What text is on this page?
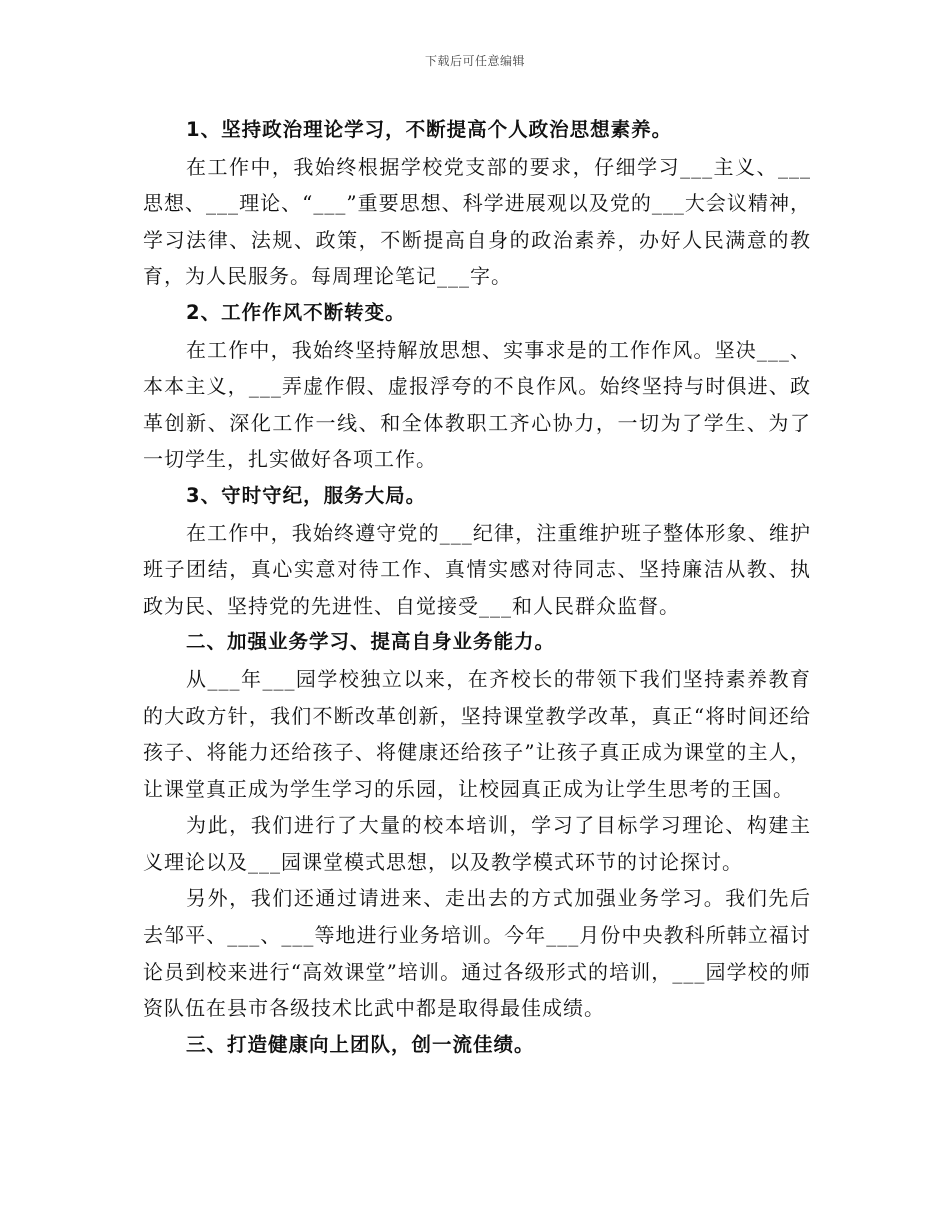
下载后可任意编辑

1、坚持政治理论学习，不断提高个人政治思想素养。

在工作中，我始终根据学校党支部的要求，仔细学习___主义、___思想、___理论、“___”重要思想、科学进展观以及党的___大会议精神，学习法律、法规、政策，不断提高自身的政治素养，办好人民满意的教育，为人民服务。每周理论笔记___字。

2、工作作风不断转变。

在工作中，我始终坚持解放思想、实事求是的工作作风。坚决___、本本主义，___弄虚作假、虚报浮夸的不良作风。始终坚持与时俱进、政革创新、深化工作一线、和全体教职工齐心协力，一切为了学生、为了一切学生，扎实做好各项工作。

3、守时守纪，服务大局。

在工作中，我始终遵守党的___纪律，注重维护班子整体形象、维护班子团结，真心实意对待工作、真情实感对待同志、坚持廉洁从教、执政为民、坚持党的先进性、自觉接受___和人民群众监督。

二、加强业务学习、提高自身业务能力。

从___年___园学校独立以来，在齐校长的带领下我们坚持素养教育的大政方针，我们不断改革创新，坚持课堂教学改革，真正“将时间还给孩子、将能力还给孩子、将健康还给孩子”让孩子真正成为课堂的主人，让课堂真正成为学生学习的乐园，让校园真正成为让学生思考的王国。

为此，我们进行了大量的校本培训，学习了目标学习理论、构建主义理论以及___园课堂模式思想，以及教学模式环节的讨论探讨。

另外，我们还通过请进来、走出去的方式加强业务学习。我们先后去邹平、___、___等地进行业务培训。今年___月份中央教科所韩立福讨论员到校来进行“高效课堂”培训。通过各级形式的培训，___园学校的师资队伍在县市各级技术比武中都是取得最佳成绩。

三、打造健康向上团队，创一流佳绩。
